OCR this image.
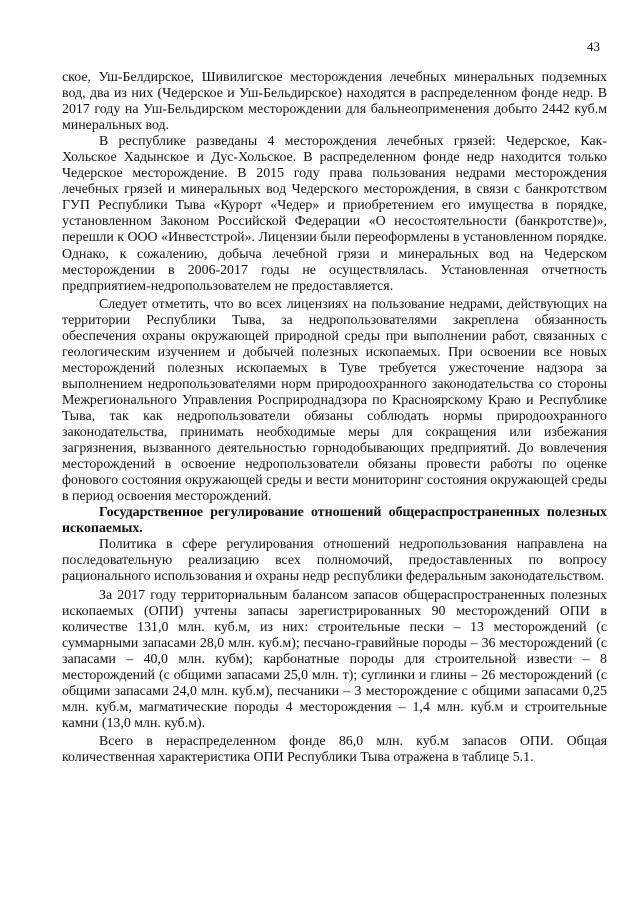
43

ское, Уш-Белдирское, Шивилигское месторождения лечебных минеральных подземных вод, два из них (Чедерское и Уш-Бельдирское) находятся в распределенном фонде недр. В 2017 году на Уш-Бельдирском месторождении для бальнеоприменения добыто 2442 куб.м минеральных вод.

В республике разведаны 4 месторождения лечебных грязей: Чедерское, Как-Хольское Хадынское и Дус-Хольское. В распределенном фонде недр находится только Чедерское месторождение. В 2015 году права пользования недрами месторождения лечебных грязей и минеральных вод Чедерского месторождения, в связи с банкротством ГУП Республики Тыва «Курорт «Чедер» и приобретением его имущества в порядке, установленном Законом Российской Федерации «О несостоятельности (банкротстве)», перешли к ООО «Инвестстрой». Лицензии были переоформлены в установленном порядке. Однако, к сожалению, добыча лечебной грязи и минеральных вод на Чедерском месторождении в 2006-2017 годы не осуществлялась. Установленная отчетность предприятием-недропользователем не предоставляется.

Следует отметить, что во всех лицензиях на пользование недрами, действующих на территории Республики Тыва, за недропользователями закреплена обязанность обеспечения охраны окружающей природной среды при выполнении работ, связанных с геологическим изучением и добычей полезных ископаемых. При освоении все новых месторождений полезных ископаемых в Туве требуется ужесточение надзора за выполнением недропользователями норм природоохранного законодательства со стороны Межрегионального Управления Росприроднадзора по Красноярскому Краю и Республике Тыва, так как недропользователи обязаны соблюдать нормы природоохранного законодательства, принимать необходимые меры для сокращения или избежания загрязнения, вызванного деятельностью горнодобывающих предприятий. До вовлечения месторождений в освоение недропользователи обязаны провести работы по оценке фонового состояния окружающей среды и вести мониторинг состояния окружающей среды в период освоения месторождений.

Государственное регулирование отношений общераспространенных полезных ископаемых.

Политика в сфере регулирования отношений недропользования направлена на последовательную реализацию всех полномочий, предоставленных по вопросу рационального использования и охраны недр республики федеральным законодательством.

За 2017 году территориальным балансом запасов общераспространенных полезных ископаемых (ОПИ) учтены запасы зарегистрированных 90 месторождений ОПИ в количестве 131,0 млн. куб.м, из них: строительные пески – 13 месторождений (с суммарными запасами 28,0 млн. куб.м); песчано-гравийные породы – 36 месторождений (с запасами – 40,0 млн. кубм); карбонатные породы для строительной извести – 8 месторождений (с общими запасами 25,0 млн. т); суглинки и глины – 26 месторождений (с общими запасами 24,0 млн. куб.м), песчаники – 3 месторождение с общими запасами 0,25 млн. куб.м, магматические породы 4 месторождения – 1,4 млн. куб.м и строительные камни (13,0 млн. куб.м).

Всего в нераспределенном фонде 86,0 млн. куб.м запасов ОПИ. Общая количественная характеристика ОПИ Республики Тыва отражена в таблице 5.1.
